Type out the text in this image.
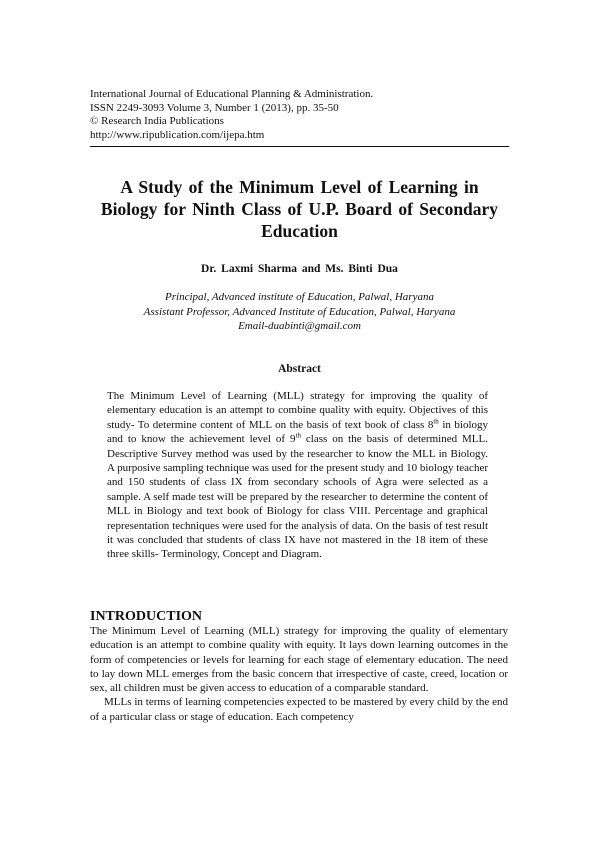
International Journal of Educational Planning & Administration.
ISSN 2249-3093 Volume 3, Number 1 (2013), pp. 35-50
© Research India Publications
http://www.ripublication.com/ijepa.htm
A Study of the Minimum Level of Learning in Biology for Ninth Class of U.P. Board of Secondary Education
Dr. Laxmi Sharma and Ms. Binti Dua
Principal, Advanced institute of Education, Palwal, Haryana
Assistant Professor, Advanced Institute of Education, Palwal, Haryana
Email-duabinti@gmail.com
Abstract

The Minimum Level of Learning (MLL) strategy for improving the quality of elementary education is an attempt to combine quality with equity. Objectives of this study- To determine content of MLL on the basis of text book of class 8th in biology and to know the achievement level of 9th class on the basis of determined MLL. Descriptive Survey method was used by the researcher to know the MLL in Biology. A purposive sampling technique was used for the present study and 10 biology teacher and 150 students of class IX from secondary schools of Agra were selected as a sample. A self made test will be prepared by the researcher to determine the content of MLL in Biology and text book of Biology for class VIII. Percentage and graphical representation techniques were used for the analysis of data. On the basis of test result it was concluded that students of class IX have not mastered in the 18 item of these three skills- Terminology, Concept and Diagram.

INTRODUCTION

The Minimum Level of Learning (MLL) strategy for improving the quality of elementary education is an attempt to combine quality with equity. It lays down learning outcomes in the form of competencies or levels for learning for each stage of elementary education. The need to lay down MLL emerges from the basic concern that irrespective of caste, creed, location or sex, all children must be given access to education of a comparable standard.

MLLs in terms of learning competencies expected to be mastered by every child by the end of a particular class or stage of education. Each competency
